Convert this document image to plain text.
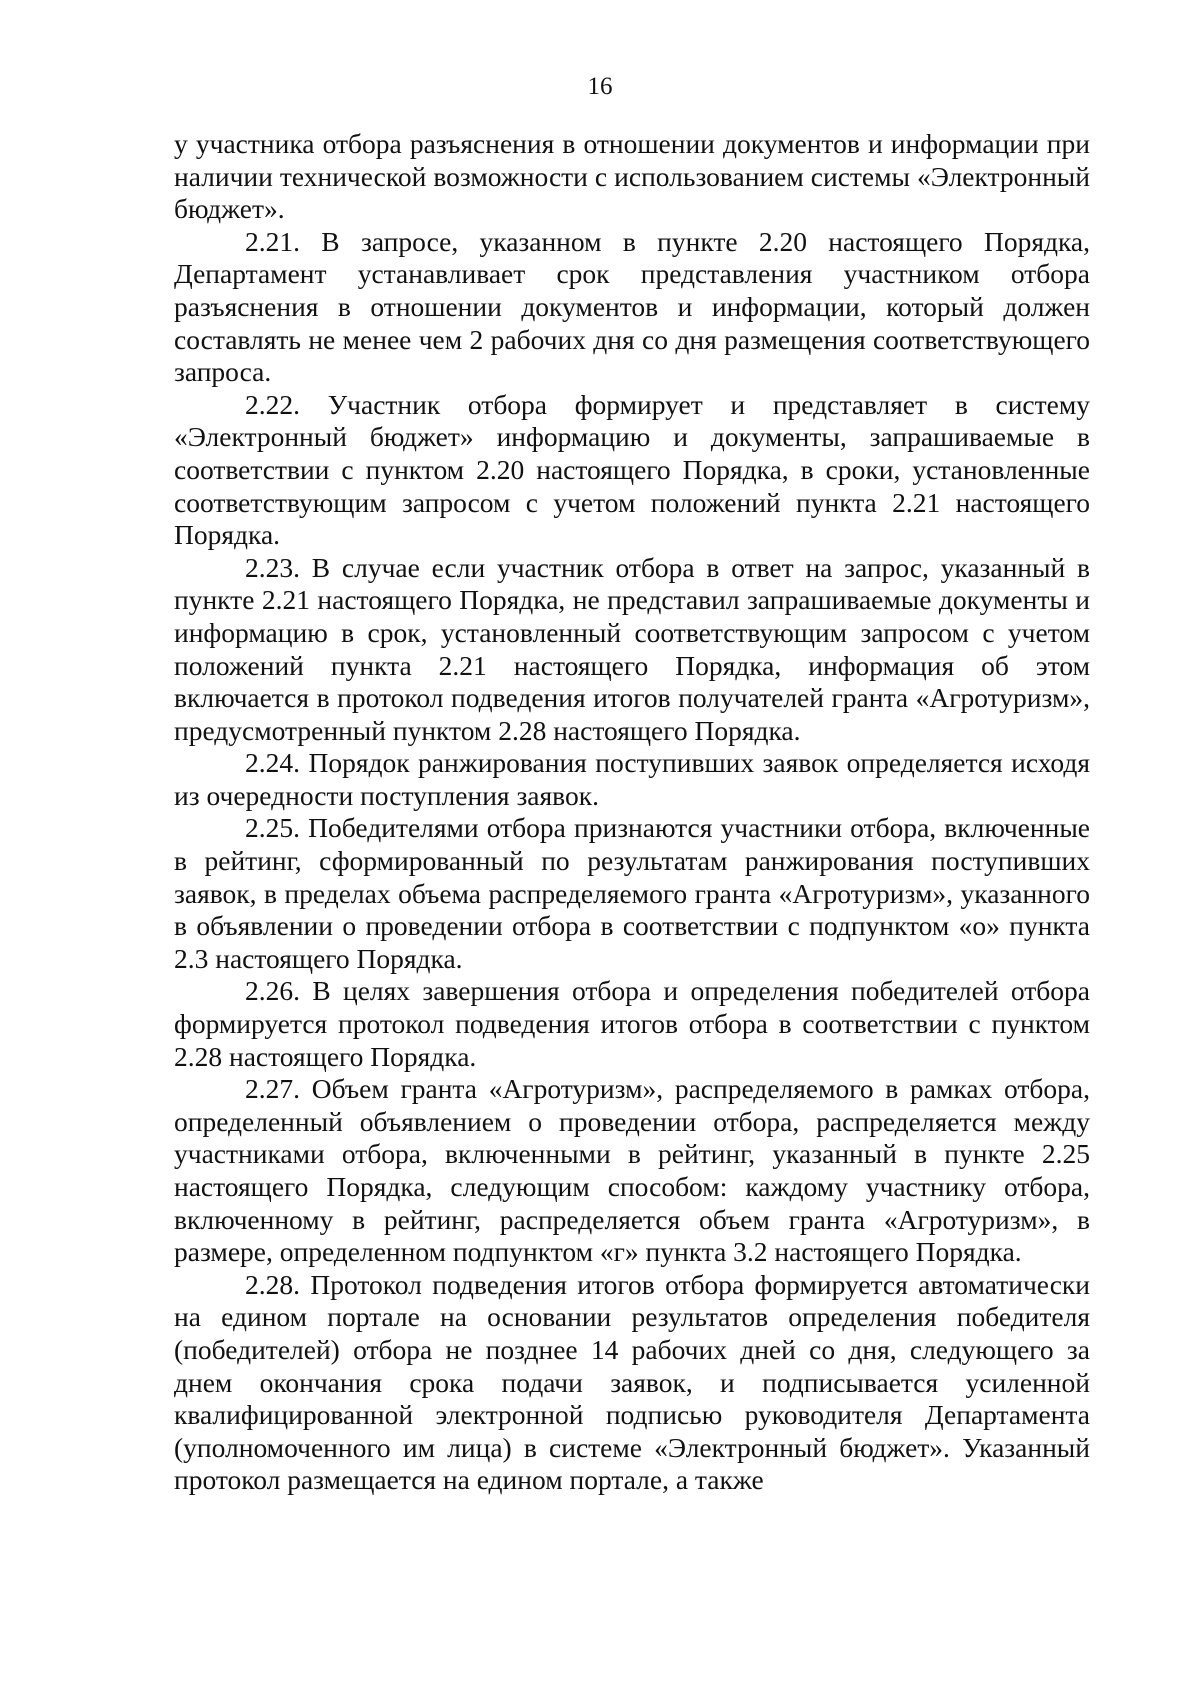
16

у участника отбора разъяснения в отношении документов и информации при наличии технической возможности с использованием системы «Электронный бюджет».

2.21. В запросе, указанном в пункте 2.20 настоящего Порядка, Департамент устанавливает срок представления участником отбора разъяснения в отношении документов и информации, который должен составлять не менее чем 2 рабочих дня со дня размещения соответствующего запроса.

2.22. Участник отбора формирует и представляет в систему «Электронный бюджет» информацию и документы, запрашиваемые в соответствии с пунктом 2.20 настоящего Порядка, в сроки, установленные соответствующим запросом с учетом положений пункта 2.21 настоящего Порядка.

2.23. В случае если участник отбора в ответ на запрос, указанный в пункте 2.21 настоящего Порядка, не представил запрашиваемые документы и информацию в срок, установленный соответствующим запросом с учетом положений пункта 2.21 настоящего Порядка, информация об этом включается в протокол подведения итогов получателей гранта «Агротуризм», предусмотренный пунктом 2.28 настоящего Порядка.

2.24. Порядок ранжирования поступивших заявок определяется исходя из очередности поступления заявок.

2.25. Победителями отбора признаются участники отбора, включенные в рейтинг, сформированный по результатам ранжирования поступивших заявок, в пределах объема распределяемого гранта «Агротуризм», указанного в объявлении о проведении отбора в соответствии с подпунктом «о» пункта 2.3 настоящего Порядка.

2.26. В целях завершения отбора и определения победителей отбора формируется протокол подведения итогов отбора в соответствии с пунктом 2.28 настоящего Порядка.

2.27. Объем гранта «Агротуризм», распределяемого в рамках отбора, определенный объявлением о проведении отбора, распределяется между участниками отбора, включенными в рейтинг, указанный в пункте 2.25 настоящего Порядка, следующим способом: каждому участнику отбора, включенному в рейтинг, распределяется объем гранта «Агротуризм», в размере, определенном подпунктом «г» пункта 3.2 настоящего Порядка.

2.28. Протокол подведения итогов отбора формируется автоматически на едином портале на основании результатов определения победителя (победителей) отбора не позднее 14 рабочих дней со дня, следующего за днем окончания срока подачи заявок, и подписывается усиленной квалифицированной электронной подписью руководителя Департамента (уполномоченного им лица) в системе «Электронный бюджет». Указанный протокол размещается на едином портале, а также
